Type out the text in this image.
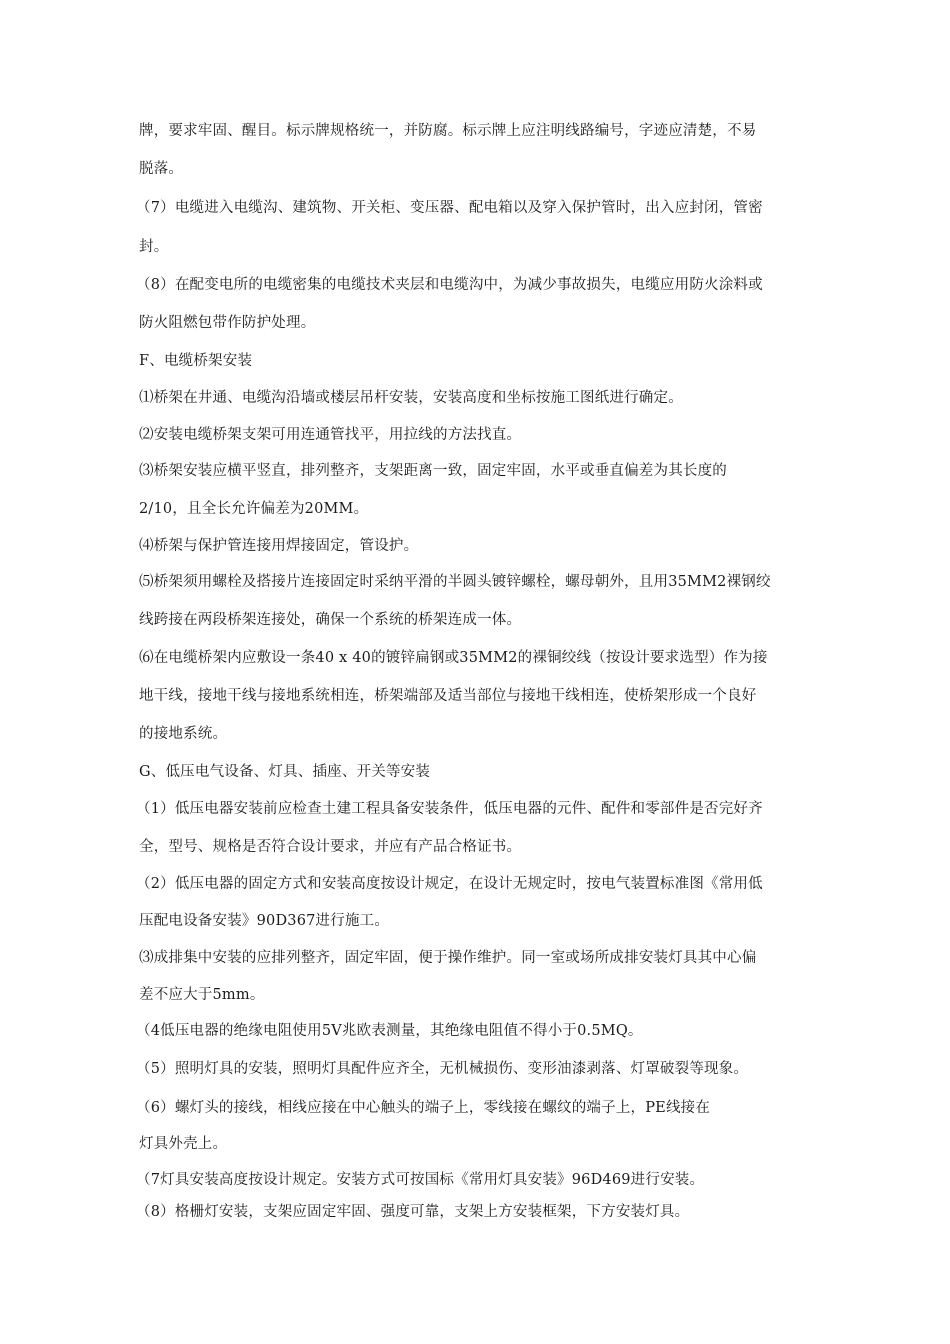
牌，要求牢固、醒目。标示牌规格统一，并防腐。标示牌上应注明线路编号，字迹应清楚，不易
脱落。
（7）电缆进入电缆沟、建筑物、开关柜、变压器、配电箱以及穿入保护管时，出入应封闭，管密
封。
（8）在配变电所的电缆密集的电缆技术夹层和电缆沟中，为减少事故损失，电缆应用防火涂料或
防火阻燃包带作防护处理。
F、电缆桥架安装
⑴桥架在井通、电缆沟沿墙或楼层吊杆安装，安装高度和坐标按施工图纸进行确定。
⑵安装电缆桥架支架可用连通管找平，用拉线的方法找直。
⑶桥架安装应横平竖直，排列整齐，支架距离一致，固定牢固，水平或垂直偏差为其长度的
2/10，且全长允许偏差为20MM。
⑷桥架与保护管连接用焊接固定，管设护。
⑸桥架须用螺栓及搭接片连接固定时采纳平滑的半圆头镀锌螺栓，螺母朝外，且用35MM2裸钢绞
线跨接在两段桥架连接处，确保一个系统的桥架连成一体。
⑹在电缆桥架内应敷设一条40 x 40的镀锌扁钢或35MM2的裸铜绞线（按设计要求选型）作为接
地干线，接地干线与接地系统相连，桥架端部及适当部位与接地干线相连，使桥架形成一个良好
的接地系统。
G、低压电气设备、灯具、插座、开关等安装
（1）低压电器安装前应检查土建工程具备安装条件，低压电器的元件、配件和零部件是否完好齐
全，型号、规格是否符合设计要求，并应有产品合格证书。
（2）低压电器的固定方式和安装高度按设计规定，在设计无规定时，按电气装置标准图《常用低
压配电设备安装》90D367进行施工。
⑶成排集中安装的应排列整齐，固定牢固，便于操作维护。同一室或场所成排安装灯具其中心偏
差不应大于5mm。
（4低压电器的绝缘电阻使用5V兆欧表测量，其绝缘电阻值不得小于0.5MQ。
（5）照明灯具的安装，照明灯具配件应齐全，无机械损伤、变形油漆剥落、灯罩破裂等现象。
（6）螺灯头的接线，相线应接在中心触头的端子上，零线接在螺纹的端子上，PE线接在
灯具外壳上。
（7灯具安装高度按设计规定。安装方式可按国标《常用灯具安装》96D469进行安装。
（8）格栅灯安装，支架应固定牢固、强度可靠，支架上方安装框架，下方安装灯具。
